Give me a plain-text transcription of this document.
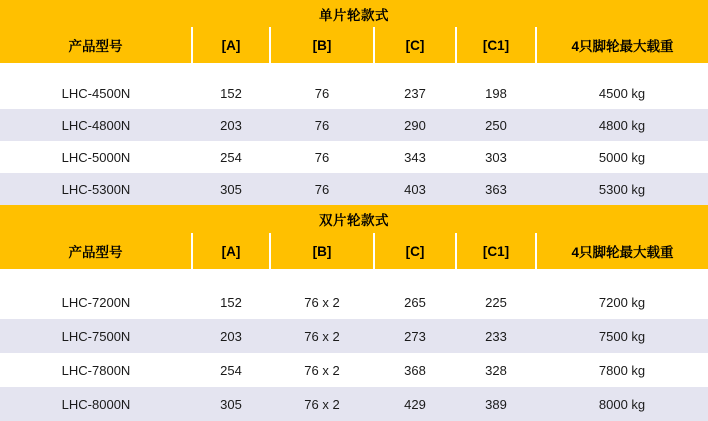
单片轮款式					
产品型号	[A]	[B]	[C]	[C1]	4只脚轮最大载重

LHC-4500N	152	76	237	198	4500 kg
LHC-4800N	203	76	290	250	4800 kg
LHC-5000N	254	76	343	303	5000 kg
LHC-5300N	305	76	403	363	5300 kg
双片轮款式					
产品型号	[A]	[B]	[C]	[C1]	4只脚轮最大载重

LHC-7200N	152	76 x 2	265	225	7200 kg
LHC-7500N	203	76 x 2	273	233	7500 kg
LHC-7800N	254	76 x 2	368	328	7800 kg
LHC-8000N	305	76 x 2	429	389	8000 kg
